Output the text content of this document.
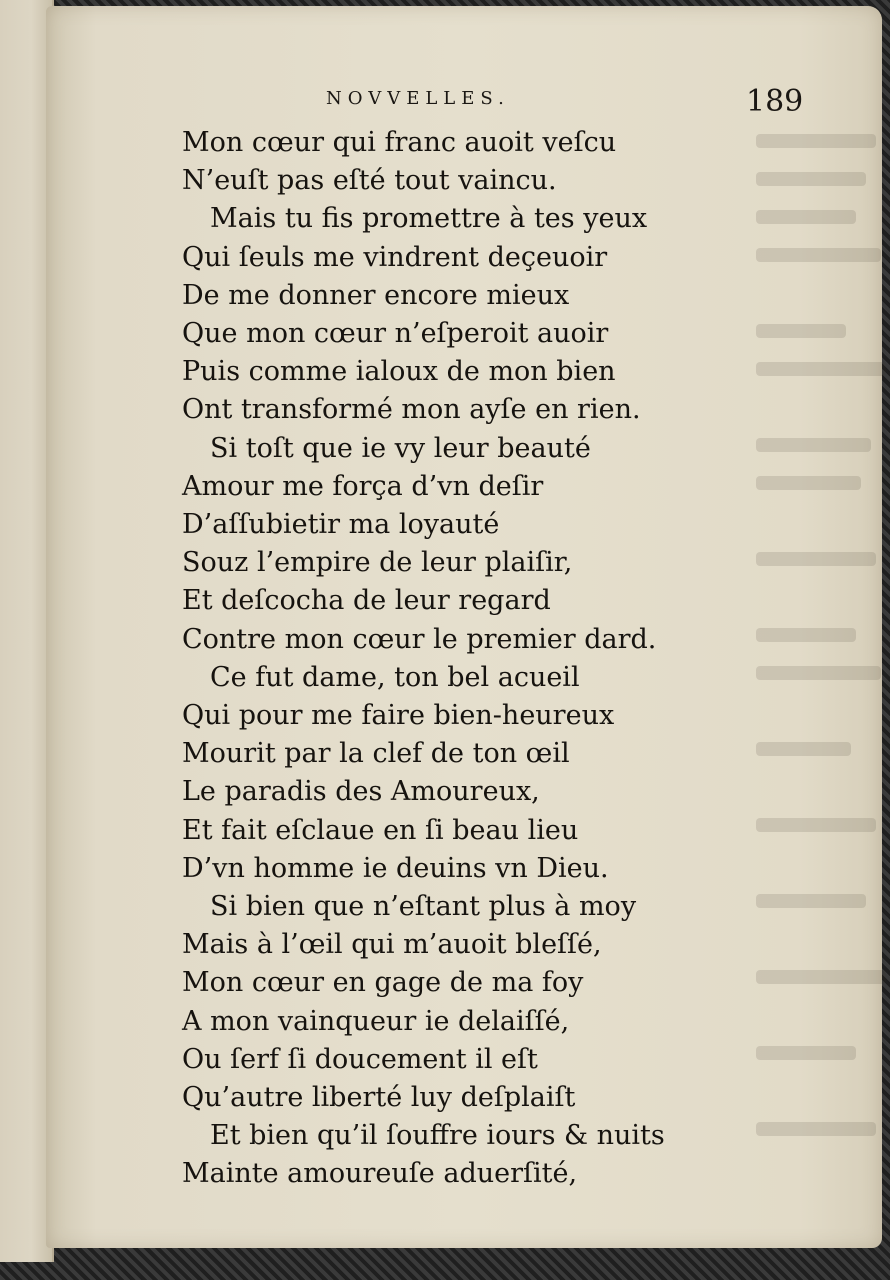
NOVVELLES.	189
Mon cœur qui franc auoit veſcu
N’euſt pas eſté tout vaincu.
Mais tu fis promettre à tes yeux
Qui ſeuls me vindrent deçeuoir
De me donner encore mieux
Que mon cœur n’eſperoit auoir
Puis comme ialoux de mon bien
Ont transformé mon ayſe en rien.
Si toſt que ie vy leur beauté
Amour me força d’vn deſir
D’aſſubietir ma loyauté
Souz l’empire de leur plaiſir,
Et deſcocha de leur regard
Contre mon cœur le premier dard.
Ce fut dame, ton bel acueil
Qui pour me faire bien-heureux
Mourit par la clef de ton œil
Le paradis des Amoureux,
Et fait eſclaue en ſi beau lieu
D’vn homme ie deuins vn Dieu.
Si bien que n’eſtant plus à moy
Mais à l’œil qui m’auoit bleſſé,
Mon cœur en gage de ma foy
A mon vainqueur ie delaiſſé,
Ou ſerf ſi doucement il eſt
Qu’autre liberté luy deſplaiſt
Et bien qu’il ſouffre iours & nuits
Mainte amoureuſe aduerſité,
